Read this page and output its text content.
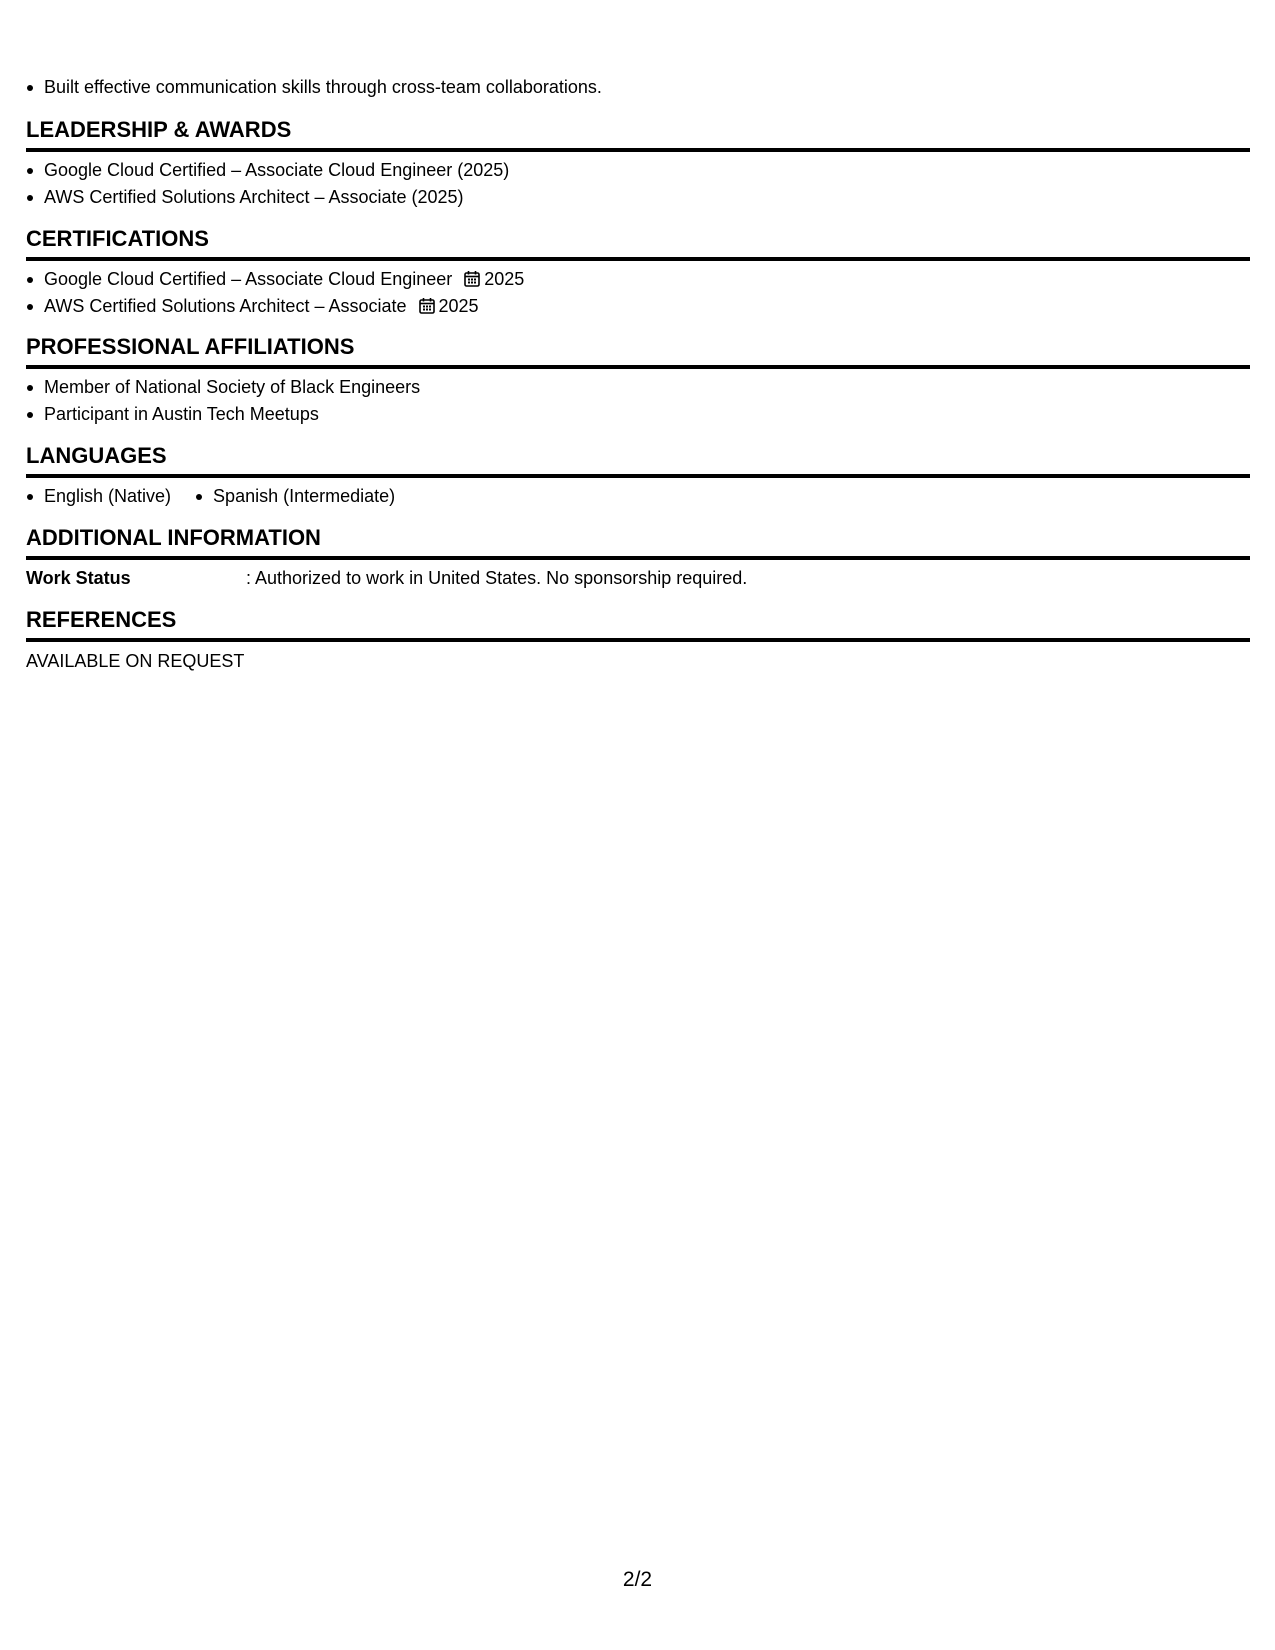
Built effective communication skills through cross-team collaborations.
LEADERSHIP & AWARDS
Google Cloud Certified – Associate Cloud Engineer (2025)
AWS Certified Solutions Architect – Associate (2025)
CERTIFICATIONS
Google Cloud Certified – Associate Cloud Engineer 2025
AWS Certified Solutions Architect – Associate 2025
PROFESSIONAL AFFILIATIONS
Member of National Society of Black Engineers
Participant in Austin Tech Meetups
LANGUAGES
English (Native)	Spanish (Intermediate)
ADDITIONAL INFORMATION
Work Status	: Authorized to work in United States. No sponsorship required.
REFERENCES
AVAILABLE ON REQUEST
2/2
